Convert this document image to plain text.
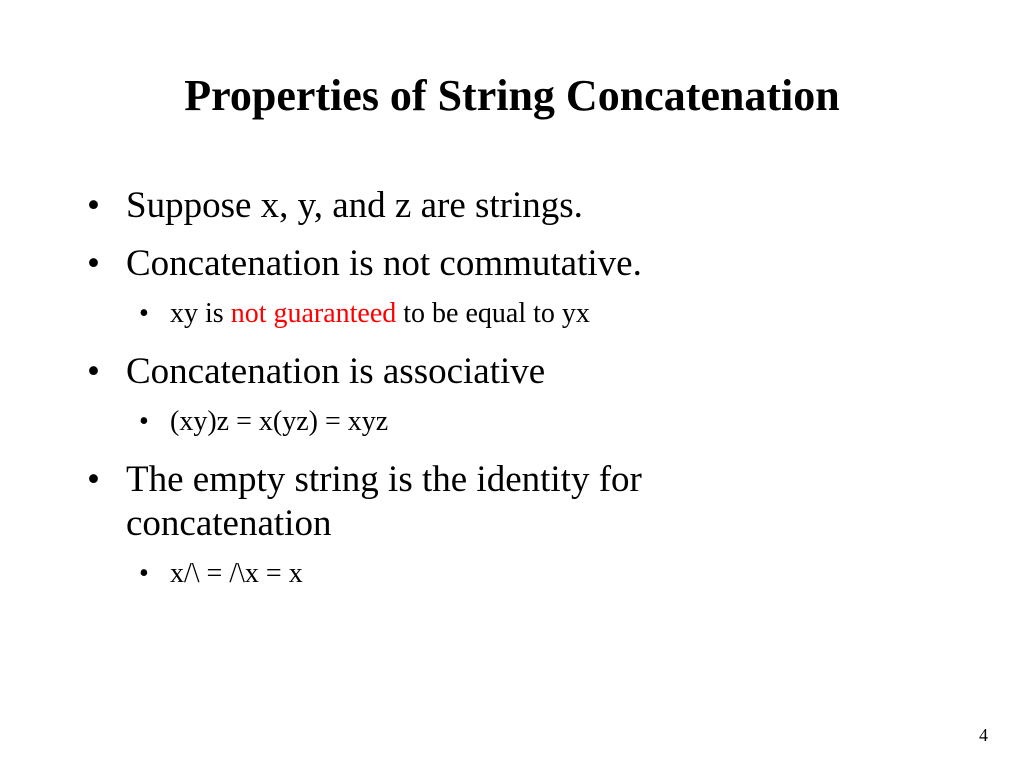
Properties of String Concatenation
• Suppose x, y, and z are strings.
• Concatenation is not commutative.
• xy is not guaranteed to be equal to yx
• Concatenation is associative
• (xy)z = x(yz) = xyz
• The empty string is the identity for concatenation
• x/\ = /\x = x
4
